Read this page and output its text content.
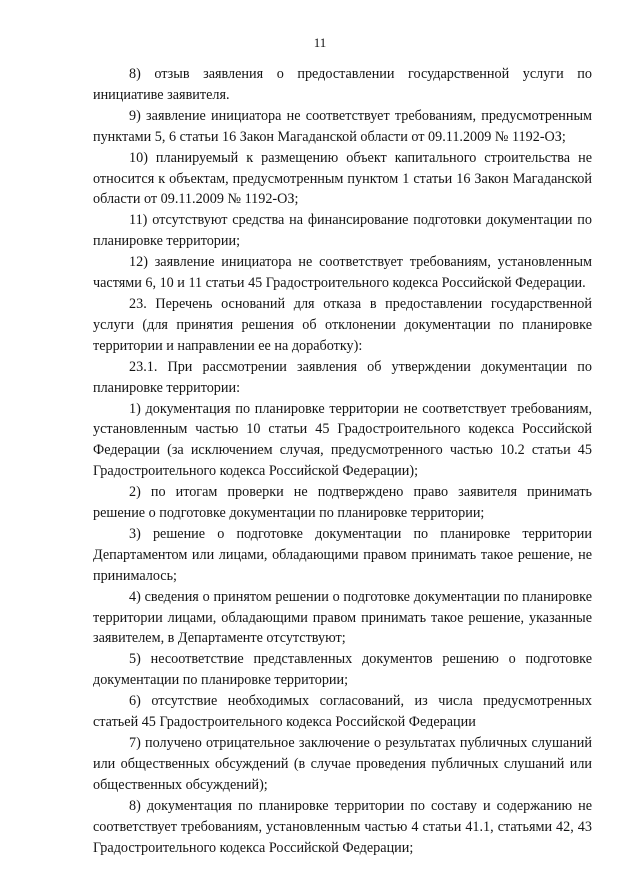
11

8) отзыв заявления о предоставлении государственной услуги по инициативе заявителя.

9) заявление инициатора не соответствует требованиям, предусмотренным пунктами 5, 6 статьи 16 Закон Магаданской области от 09.11.2009 № 1192-ОЗ;

10) планируемый к размещению объект капитального строительства не относится к объектам, предусмотренным пунктом 1 статьи 16 Закон Магаданской области от 09.11.2009 № 1192-ОЗ;

11) отсутствуют средства на финансирование подготовки документации по планировке территории;

12) заявление инициатора не соответствует требованиям, установленным частями 6, 10 и 11 статьи 45 Градостроительного кодекса Российской Федерации.

23. Перечень оснований для отказа в предоставлении государственной услуги (для принятия решения об отклонении документации по планировке территории и направлении ее на доработку):

23.1. При рассмотрении заявления об утверждении документации по планировке территории:

1) документация по планировке территории не соответствует требованиям, установленным частью 10 статьи 45 Градостроительного кодекса Российской Федерации (за исключением случая, предусмотренного частью 10.2 статьи 45 Градостроительного кодекса Российской Федерации);

2) по итогам проверки не подтверждено право заявителя принимать решение о подготовке документации по планировке территории;

3) решение о подготовке документации по планировке территории Департаментом или лицами, обладающими правом принимать такое решение, не принималось;

4) сведения о принятом решении о подготовке документации по планировке территории лицами, обладающими правом принимать такое решение, указанные заявителем, в Департаменте отсутствуют;

5) несоответствие представленных документов решению о подготовке документации по планировке территории;

6) отсутствие необходимых согласований, из числа предусмотренных статьей 45 Градостроительного кодекса Российской Федерации

7) получено отрицательное заключение о результатах публичных слушаний или общественных обсуждений (в случае проведения публичных слушаний или общественных обсуждений);

8) документация по планировке территории по составу и содержанию не соответствует требованиям, установленным частью 4 статьи 41.1, статьями 42, 43 Градостроительного кодекса Российской Федерации;
